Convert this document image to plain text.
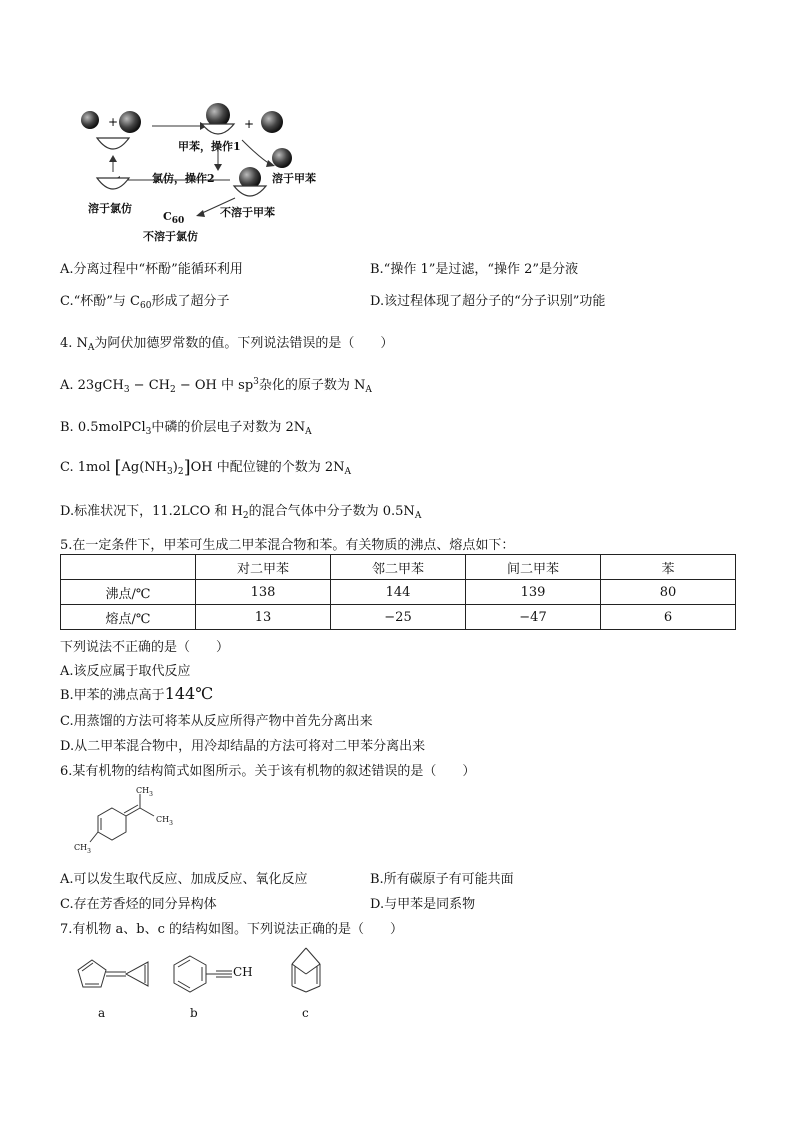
+	+
甲苯，操作1
溶于甲苯
氯仿，操作2
不溶于甲苯
溶于氯仿
$C_{60}$
不溶于氯仿
A.分离过程中“杯酚”能循环利用	B.“操作 1”是过滤，“操作 2”是分液
C.“杯酚”与 $C_{60}$形成了超分子	D.该过程体现了超分子的“分子识别”功能
4. $N_A$为阿伏加德罗常数的值。下列说法错误的是（　　）
A. $23gCH_3 - CH_2$ − OH 中 $sp^3$杂化的原子数为 $N_A$
B. 0.5molPCl$_3$中磷的价层电子对数为 $2N_A$
C. 1mol $[Ag(NH_3)_2]OH$ 中配位键的个数为 $2N_A$
D.标准状况下，11.2LCO 和 $H_2$的混合气体中分子数为 $0.5N_A$
5.在一定条件下，甲苯可生成二甲苯混合物和苯。有关物质的沸点、熔点如下：
	对二甲苯	邻二甲苯	间二甲苯	苯
沸点/℃	138	144	139	80
熔点/℃	13	−25	−47	6
下列说法不正确的是（　　）
A.该反应属于取代反应
B.甲苯的沸点高于144℃
C.用蒸馏的方法可将苯从反应所得产物中首先分离出来
D.从二甲苯混合物中，用冷却结晶的方法可将对二甲苯分离出来
6.某有机物的结构简式如图所示。关于该有机物的叙述错误的是（　　）
$CH_3$
$CH_3$
$CH_3$
A.可以发生取代反应、加成反应、氧化反应	B.所有碳原子有可能共面
C.存在芳香烃的同分异构体	D.与甲苯是同系物
7.有机物 a、b、c 的结构如图。下列说法正确的是（　　）
CH
a	b	c
